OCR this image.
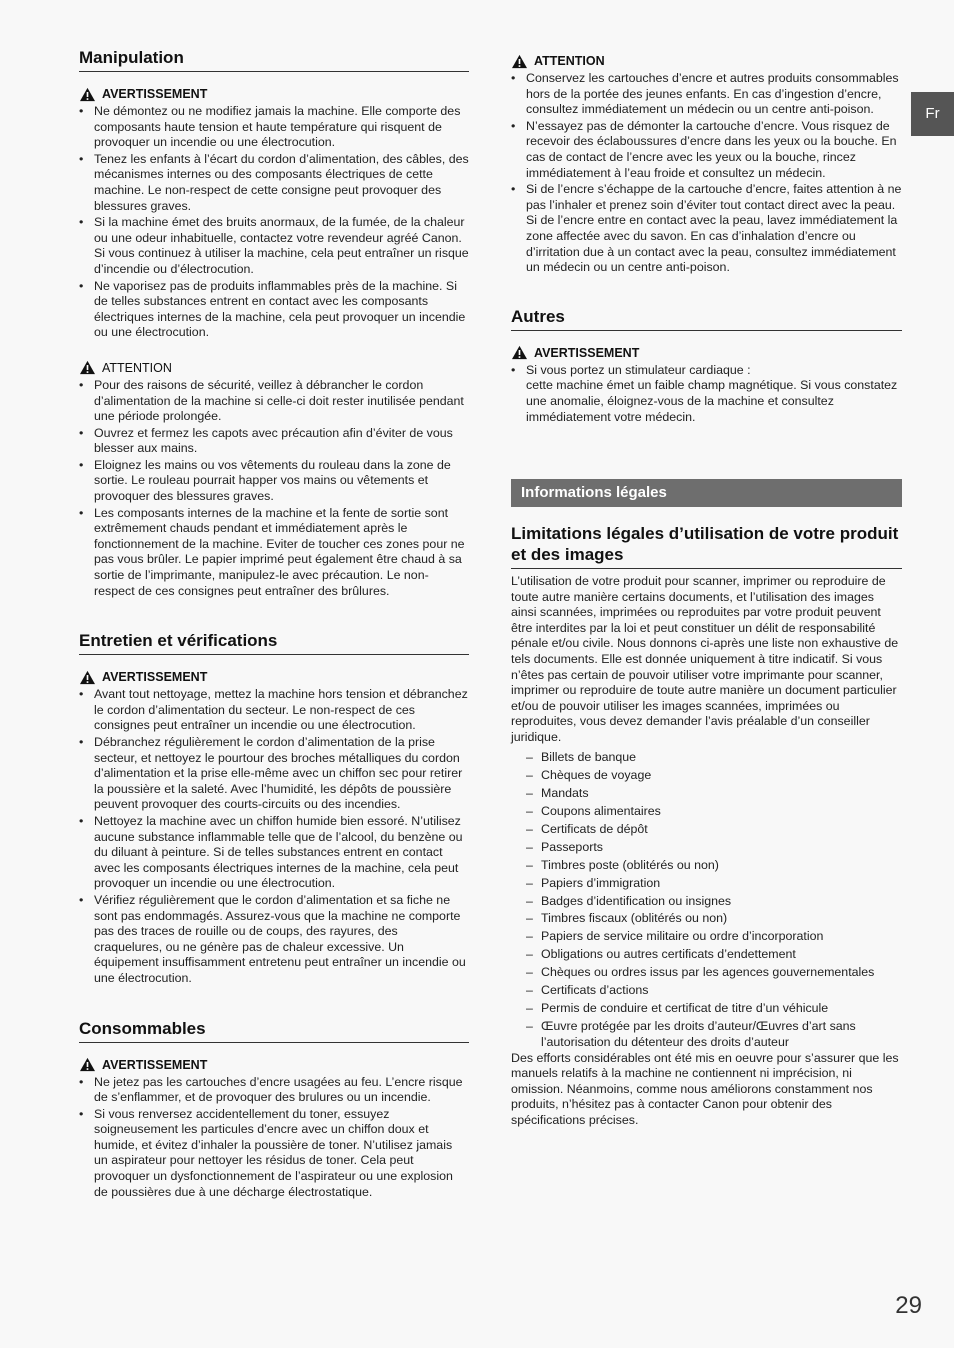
Manipulation
AVERTISSEMENT
• Ne démontez ou ne modifiez jamais la machine. Elle comporte des composants haute tension et haute température qui risquent de provoquer un incendie ou une électrocution.
• Tenez les enfants à l’écart du cordon d’alimentation, des câbles, des mécanismes internes ou des composants électriques de cette machine. Le non-respect de cette consigne peut provoquer des blessures graves.
• Si la machine émet des bruits anormaux, de la fumée, de la chaleur ou une odeur inhabituelle, contactez votre revendeur agréé Canon. Si vous continuez à utiliser la machine, cela peut entraîner un risque d’incendie ou d’électrocution.
• Ne vaporisez pas de produits inflammables près de la machine. Si de telles substances entrent en contact avec les composants électriques internes de la machine, cela peut provoquer un incendie ou une électrocution.
ATTENTION
• Pour des raisons de sécurité, veillez à débrancher le cordon d’alimentation de la machine si celle-ci doit rester inutilisée pendant une période prolongée.
• Ouvrez et fermez les capots avec précaution afin d’éviter de vous blesser aux mains.
• Eloignez les mains ou vos vêtements du rouleau dans la zone de sortie. Le rouleau pourrait happer vos mains ou vêtements et provoquer des blessures graves.
• Les composants internes de la machine et la fente de sortie sont extrêmement chauds pendant et immédiatement après le fonctionnement de la machine. Eviter de toucher ces zones pour ne pas vous brûler. Le papier imprimé peut également être chaud à sa sortie de l’imprimante, manipulez-le avec précaution. Le non-respect de ces consignes peut entraîner des brûlures.
Entretien et vérifications
AVERTISSEMENT
• Avant tout nettoyage, mettez la machine hors tension et débranchez le cordon d’alimentation du secteur. Le non-respect de ces consignes peut entraîner un incendie ou une électrocution.
• Débranchez régulièrement le cordon d’alimentation de la prise secteur, et nettoyez le pourtour des broches métalliques du cordon d’alimentation et la prise elle-même avec un chiffon sec pour retirer la poussière et la saleté. Avec l’humidité, les dépôts de poussière peuvent provoquer des courts-circuits ou des incendies.
• Nettoyez la machine avec un chiffon humide bien essoré. N’utilisez aucune substance inflammable telle que de l’alcool, du benzène ou du diluant à peinture. Si de telles substances entrent en contact avec les composants électriques internes de la machine, cela peut provoquer un incendie ou une électrocution.
• Vérifiez régulièrement que le cordon d’alimentation et sa fiche ne sont pas endommagés. Assurez-vous que la machine ne comporte pas des traces de rouille ou de coups, des rayures, des craquelures, ou ne génère pas de chaleur excessive. Un équipement insuffisamment entretenu peut entraîner un incendie ou une électrocution.
Consommables
AVERTISSEMENT
• Ne jetez pas les cartouches d’encre usagées au feu. L’encre risque de s’enflammer, et de provoquer des brulures ou un incendie.
• Si vous renversez accidentellement du toner, essuyez soigneusement les particules d’encre avec un chiffon doux et humide, et évitez d’inhaler la poussière de toner. N’utilisez jamais un aspirateur pour nettoyer les résidus de toner. Cela peut provoquer un dysfonctionnement de l’aspirateur ou une explosion de poussières due à une décharge électrostatique.
ATTENTION
• Conservez les cartouches d’encre et autres produits consommables hors de la portée des jeunes enfants. En cas d’ingestion d’encre, consultez immédiatement un médecin ou un centre anti-poison.
• N’essayez pas de démonter la cartouche d’encre. Vous risquez de recevoir des éclaboussures d’encre dans les yeux ou la bouche. En cas de contact de l’encre avec les yeux ou la bouche, rincez immédiatement à l’eau froide et consultez un médecin.
• Si de l’encre s’échappe de la cartouche d’encre, faites attention à ne pas l’inhaler et prenez soin d’éviter tout contact direct avec la peau. Si de l’encre entre en contact avec la peau, lavez immédiatement la zone affectée avec du savon. En cas d’inhalation d’encre ou d’irritation due à un contact avec la peau, consultez immédiatement un médecin ou un centre anti-poison.
Autres
AVERTISSEMENT
• Si vous portez un stimulateur cardiaque :
cette machine émet un faible champ magnétique. Si vous constatez une anomalie, éloignez-vous de la machine et consultez immédiatement votre médecin.
Informations légales
Limitations légales d’utilisation de votre produit et des images

L’utilisation de votre produit pour scanner, imprimer ou reproduire de toute autre manière certains documents, et l’utilisation des images ainsi scannées, imprimées ou reproduites par votre produit peuvent être interdites par la loi et peut constituer un délit de responsabilité pénale et/ou civile. Nous donnons ci-après une liste non exhaustive de tels documents. Elle est donnée uniquement à titre indicatif. Si vous n’êtes pas certain de pouvoir utiliser votre imprimante pour scanner, imprimer ou reproduire de toute autre manière un document particulier et/ou de pouvoir utiliser les images scannées, imprimées ou reproduites, vous devez demander l’avis préalable d’un conseiller juridique.

– Billets de banque
– Chèques de voyage
– Mandats
– Coupons alimentaires
– Certificats de dépôt
– Passeports
– Timbres poste (oblitérés ou non)
– Papiers d’immigration
– Badges d’identification ou insignes
– Timbres fiscaux (oblitérés ou non)
– Papiers de service militaire ou ordre d’incorporation
– Obligations ou autres certificats d’endettement
– Chèques ou ordres issus par les agences gouvernementales
– Certificats d’actions
– Permis de conduire et certificat de titre d’un véhicule
– Œuvre protégée par les droits d’auteur/Œuvres d’art sans l’autorisation du détenteur des droits d’auteur

Des efforts considérables ont été mis en oeuvre pour s’assurer que les manuels relatifs à la machine ne contiennent ni imprécision, ni omission. Néanmoins, comme nous améliorons constamment nos produits, n’hésitez pas à contacter Canon pour obtenir des spécifications précises.

Fr
29
